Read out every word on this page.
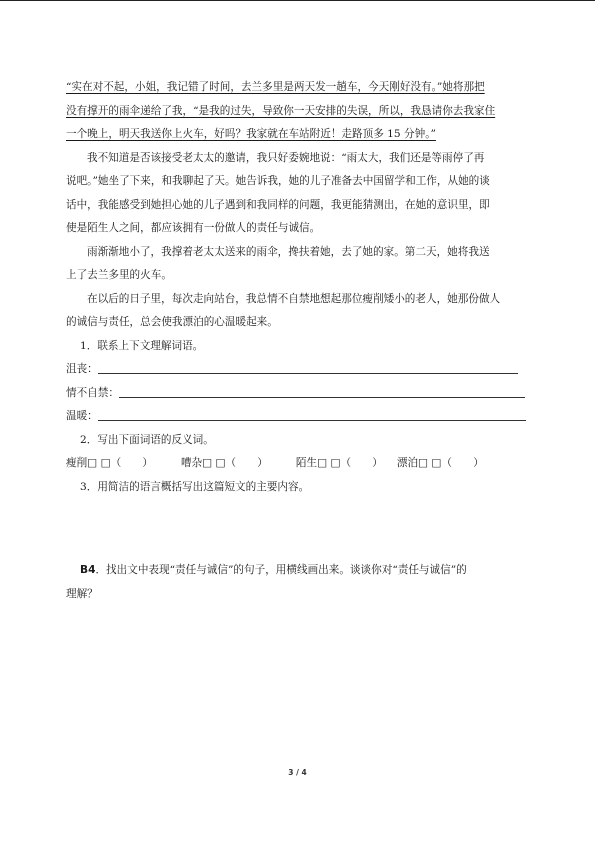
“实在对不起，小姐，我记错了时间，去兰多里是两天发一趟车，今天刚好没有。”她将那把
没有撑开的雨伞递给了我，“是我的过失，导致你一天安排的失误，所以，我恳请你去我家住
一个晚上，明天我送你上火车，好吗？我家就在车站附近！走路顶多 15 分钟。”
我不知道是否该接受老太太的邀请，我只好委婉地说：“雨太大，我们还是等雨停了再
说吧。”她坐了下来，和我聊起了天。她告诉我，她的儿子准备去中国留学和工作，从她的谈
话中，我能感受到她担心她的儿子遇到和我同样的问题，我更能猜测出，在她的意识里，即
使是陌生人之间，都应该拥有一份做人的责任与诚信。
雨渐渐地小了，我撑着老太太送来的雨伞，搀扶着她，去了她的家。第二天，她将我送
上了去兰多里的火车。
在以后的日子里，每次走向站台，我总情不自禁地想起那位瘦削矮小的老人，她那份做人
的诚信与责任，总会使我漂泊的心温暖起来。
1．联系上下文理解词语。
沮丧：
情不自禁：
温暖：
2．写出下面词语的反义词。
瘦削□ □（　　）	嘈杂□ □（　　）	陌生□ □（　　） 漂泊□ □（　　）
3．用简洁的语言概括写出这篇短文的主要内容。
B4．找出文中表现“责任与诚信”的句子，用横线画出来。谈谈你对“责任与诚信”的
理解？
3 / 4
